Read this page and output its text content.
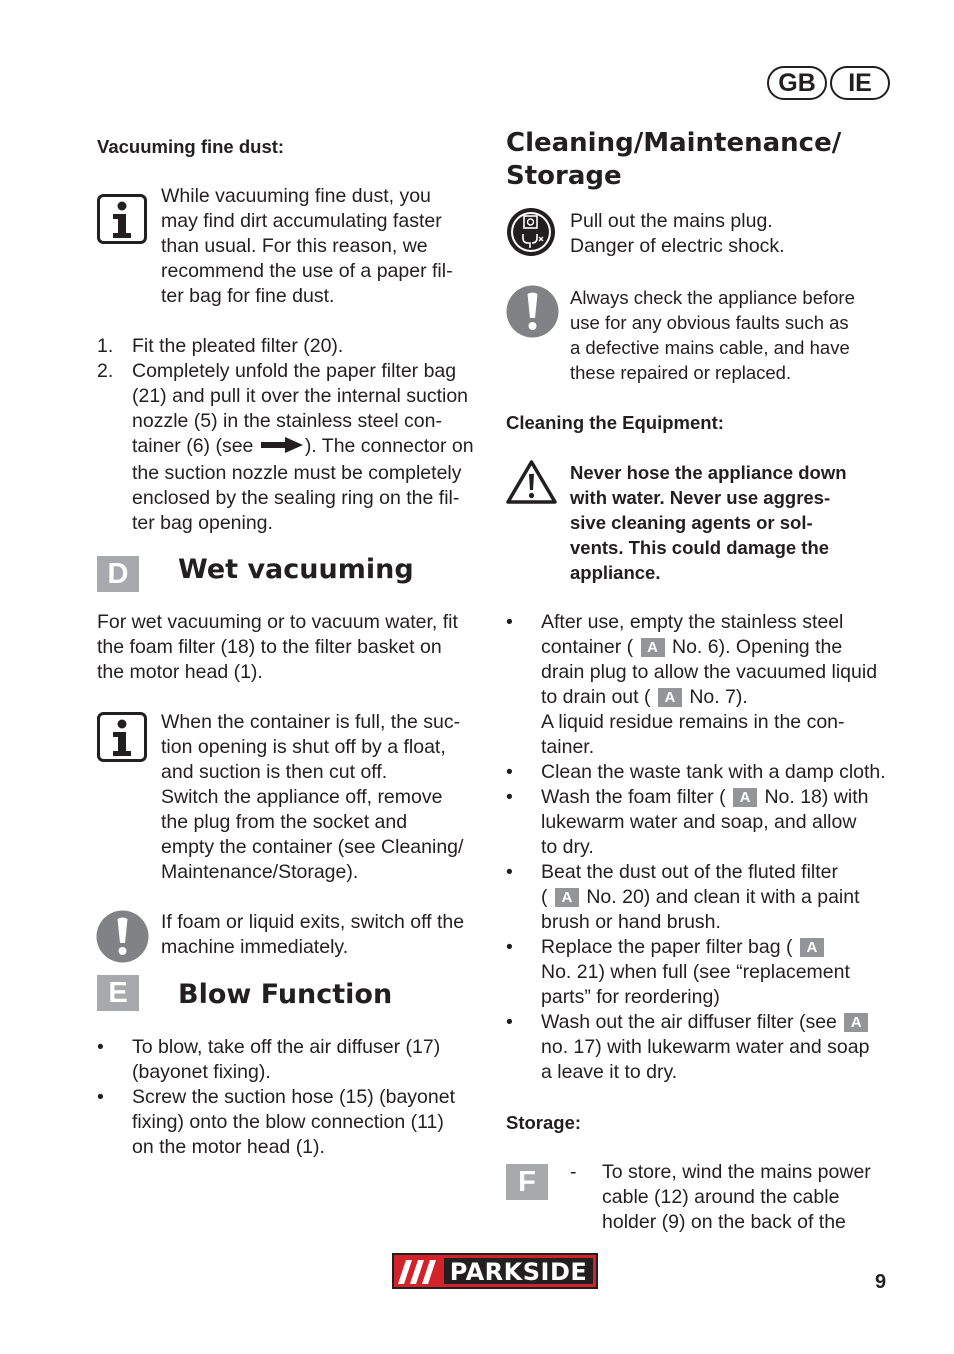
GB	IE
Vacuuming fine dust:
While vacuuming fine dust, you
may find dirt accumulating faster
than usual. For this reason, we
recommend the use of a paper fil-
ter bag for fine dust.
1. Fit the pleated filter (20).
2. Completely unfold the paper filter bag
(21) and pull it over the internal suction
nozzle (5) in the stainless steel con-
tainer (6) (see	). The connector on
the suction nozzle must be completely
enclosed by the sealing ring on the fil-
ter bag opening.
D	Wet vacuuming
For wet vacuuming or to vacuum water, fit
the foam filter (18) to the filter basket on
the motor head (1).
When the container is full, the suc-
tion opening is shut off by a float,
and suction is then cut off.
Switch the appliance off, remove
the plug from the socket and
empty the container (see Cleaning/
Maintenance/Storage).
If foam or liquid exits, switch off the
machine immediately.
E	Blow Function
• To blow, take off the air diffuser (17)
(bayonet fixing).
• Screw the suction hose (15) (bayonet
fixing) onto the blow connection (11)
on the motor head (1).
Cleaning/Maintenance/
Storage
Pull out the mains plug.
Danger of electric shock.
Always check the appliance before
use for any obvious faults such as
a defective mains cable, and have
these repaired or replaced.
Cleaning the Equipment:
Never hose the appliance down
with water. Never use aggres-
sive cleaning agents or sol-
vents. This could damage the
appliance.
• After use, empty the stainless steel
container ( A No. 6). Opening the
drain plug to allow the vacuumed liquid
to drain out ( A No. 7).
A liquid residue remains in the con-
tainer.
• Clean the waste tank with a damp cloth.
• Wash the foam filter ( A No. 18) with
lukewarm water and soap, and allow
to dry.
• Beat the dust out of the fluted filter
( A No. 20) and clean it with a paint
brush or hand brush.
• Replace the paper filter bag ( A
No. 21) when full (see “replacement
parts” for reordering)
• Wash out the air diffuser filter (see A
no. 17) with lukewarm water and soap
a leave it to dry.
Storage:
F	- To store, wind the mains power
cable (12) around the cable
holder (9) on the back of the
PARKSIDE	9
